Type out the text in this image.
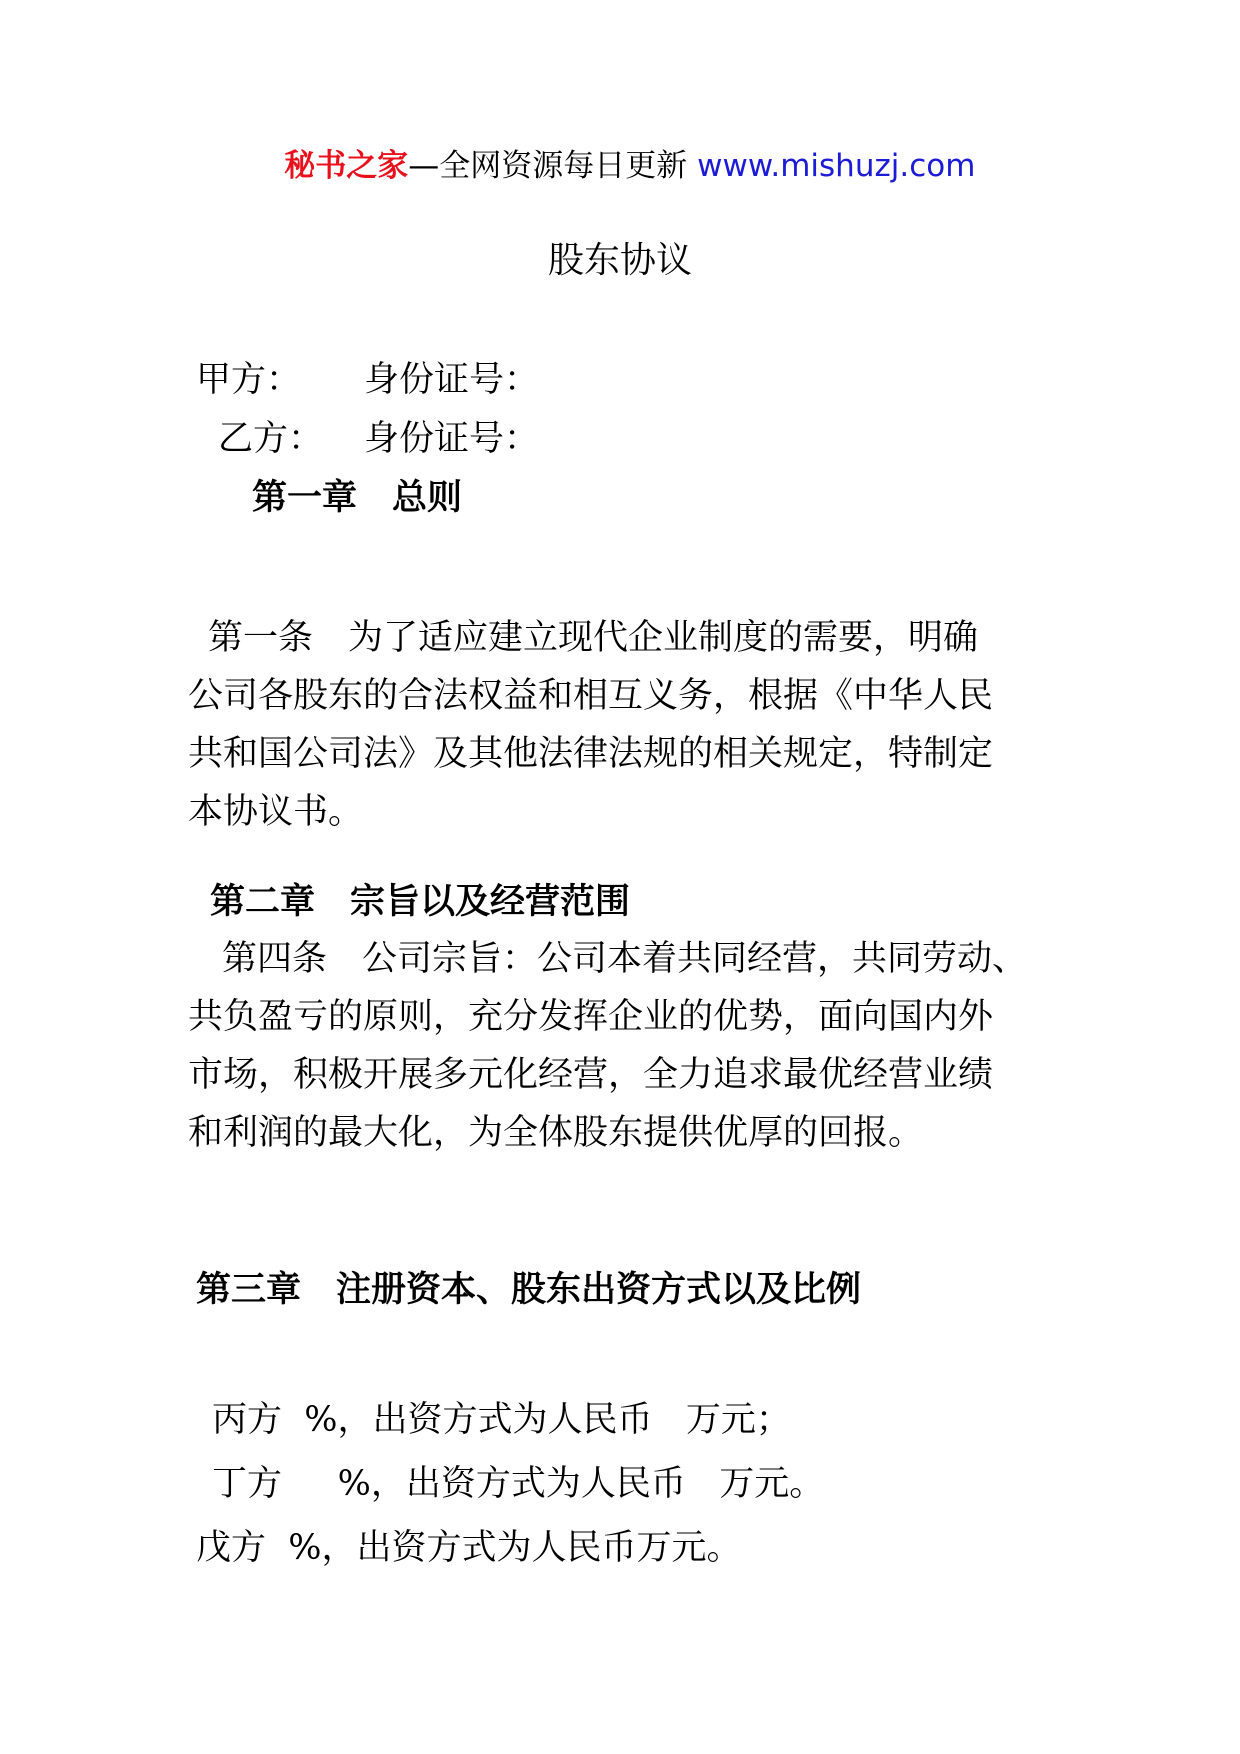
秘书之家—全网资源每日更新 www.mishuzj.com

股东协议
甲方： 身份证号：
乙方： 身份证号：
第一章　总则
第一条　为了适应建立现代企业制度的需要，明确
公司各股东的合法权益和相互义务，根据《中华人民
共和国公司法》及其他法律法规的相关规定，特制定
本协议书。
第二章　宗旨以及经营范围
第四条　公司宗旨：公司本着共同经营，共同劳动、
共负盈亏的原则，充分发挥企业的优势，面向国内外
市场，积极开展多元化经营，全力追求最优经营业绩
和利润的最大化，为全体股东提供优厚的回报。
第三章　注册资本、股东出资方式以及比例
丙方  %，出资方式为人民币   万元；
丁方     %，出资方式为人民币   万元。
戊方  %，出资方式为人民币万元。
